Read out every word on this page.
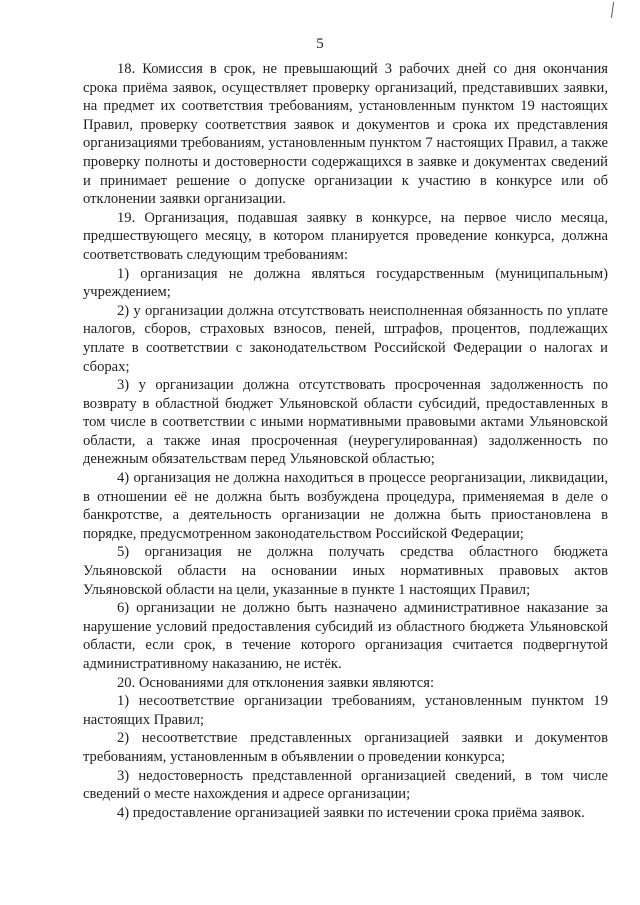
5

18. Комиссия в срок, не превышающий 3 рабочих дней со дня окончания срока приёма заявок, осуществляет проверку организаций, представивших заявки, на предмет их соответствия требованиям, установленным пунктом 19 настоящих Правил, проверку соответствия заявок и документов и срока их представления организациями требованиям, установленным пунктом 7 настоящих Правил, а также проверку полноты и достоверности содержащихся в заявке и документах сведений и принимает решение о допуске организации к участию в конкурсе или об отклонении заявки организации.

19. Организация, подавшая заявку в конкурсе, на первое число месяца, предшествующего месяцу, в котором планируется проведение конкурса, должна соответствовать следующим требованиям:

1) организация не должна являться государственным (муниципальным) учреждением;

2) у организации должна отсутствовать неисполненная обязанность по уплате налогов, сборов, страховых взносов, пеней, штрафов, процентов, подлежащих уплате в соответствии с законодательством Российской Федерации о налогах и сборах;

3) у организации должна отсутствовать просроченная задолженность по возврату в областной бюджет Ульяновской области субсидий, предоставленных в том числе в соответствии с иными нормативными правовыми актами Ульяновской области, а также иная просроченная (неурегулированная) задолженность по денежным обязательствам перед Ульяновской областью;

4) организация не должна находиться в процессе реорганизации, ликвидации, в отношении её не должна быть возбуждена процедура, применяемая в деле о банкротстве, а деятельность организации не должна быть приостановлена в порядке, предусмотренном законодательством Российской Федерации;

5) организация не должна получать средства областного бюджета Ульяновской области на основании иных нормативных правовых актов Ульяновской области на цели, указанные в пункте 1 настоящих Правил;

6) организации не должно быть назначено административное наказание за нарушение условий предоставления субсидий из областного бюджета Ульяновской области, если срок, в течение которого организация считается подвергнутой административному наказанию, не истёк.

20. Основаниями для отклонения заявки являются:

1) несоответствие организации требованиям, установленным пунктом 19 настоящих Правил;

2) несоответствие представленных организацией заявки и документов требованиям, установленным в объявлении о проведении конкурса;

3) недостоверность представленной организацией сведений, в том числе сведений о месте нахождения и адресе организации;

4) предоставление организацией заявки по истечении срока приёма заявок.
